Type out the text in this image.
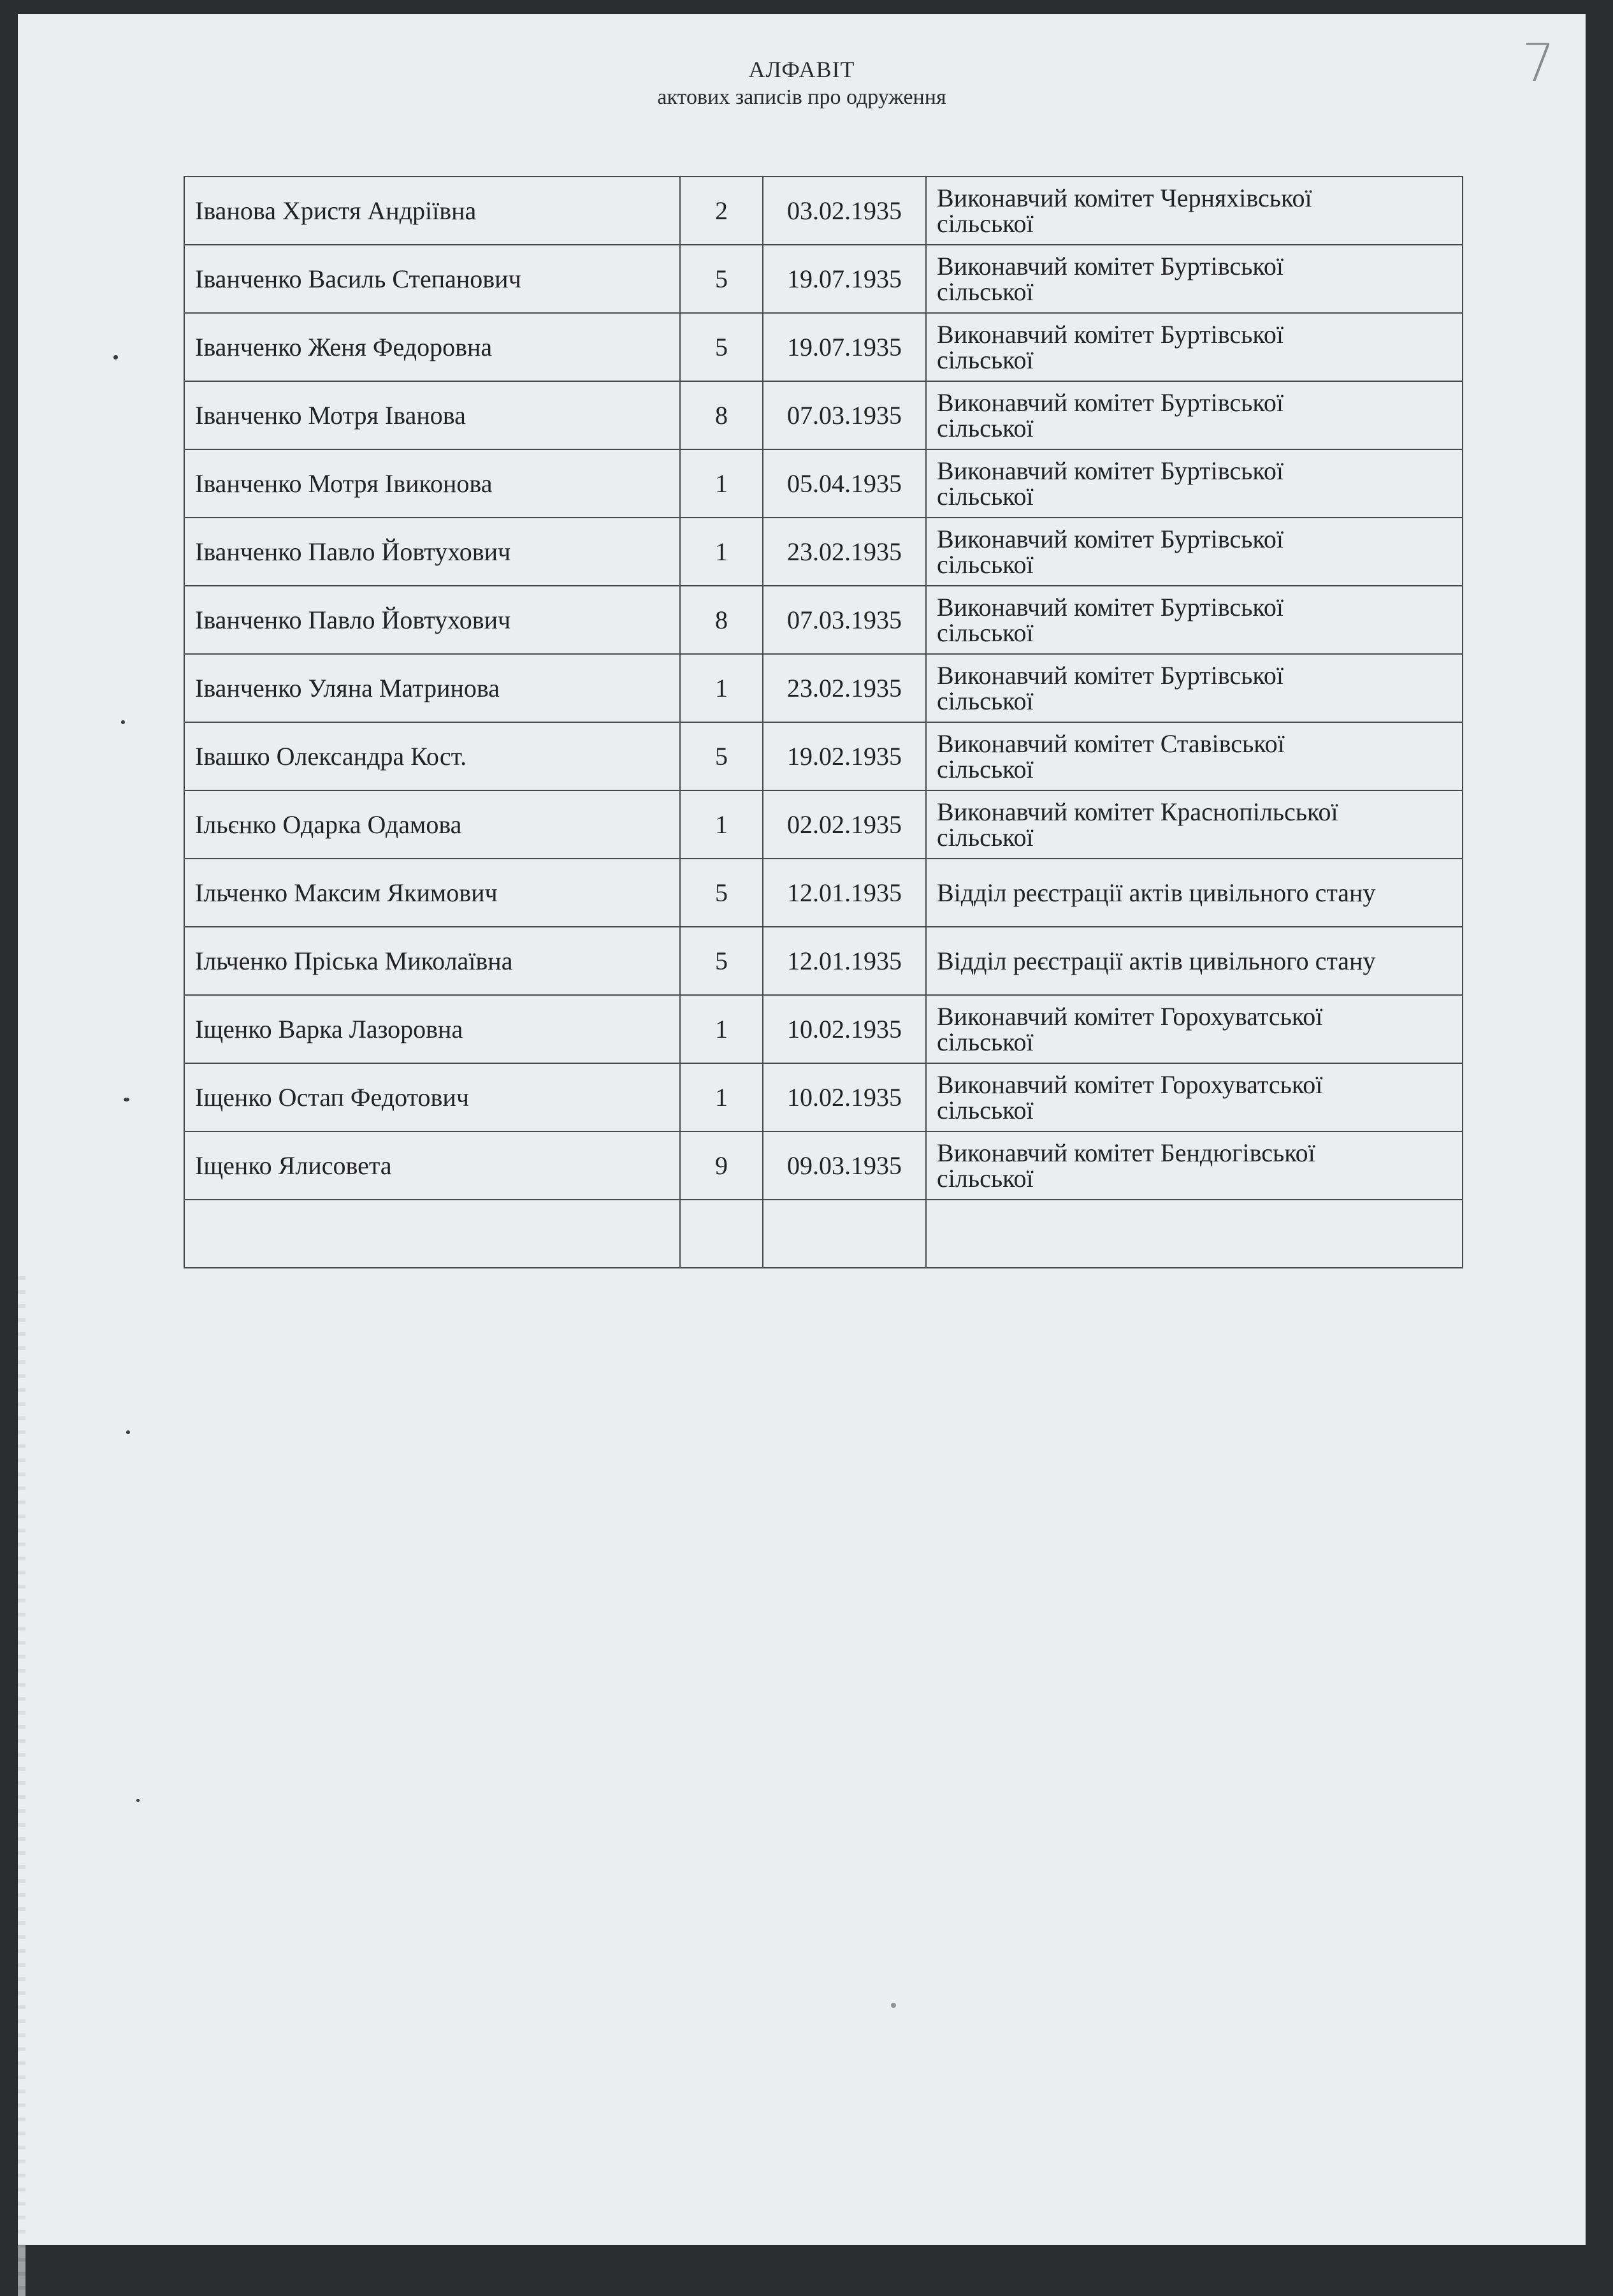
АЛФАВІТ
актових записів про одруження
7
Іванова Христя Андріївна	2	03.02.1935	Виконавчий комітет Черняхівської
сільської
Іванченко Василь Степанович	5	19.07.1935	Виконавчий комітет Буртівської
сільської
Іванченко Женя Федоровна	5	19.07.1935	Виконавчий комітет Буртівської
сільської
Іванченко Мотря Іванова	8	07.03.1935	Виконавчий комітет Буртівської
сільської
Іванченко Мотря Івиконова	1	05.04.1935	Виконавчий комітет Буртівської
сільської
Іванченко Павло Йовтухович	1	23.02.1935	Виконавчий комітет Буртівської
сільської
Іванченко Павло Йовтухович	8	07.03.1935	Виконавчий комітет Буртівської
сільської
Іванченко Уляна Матринова	1	23.02.1935	Виконавчий комітет Буртівської
сільської
Івашко Олександра Кост.	5	19.02.1935	Виконавчий комітет Ставівської
сільської
Ільєнко Одарка Одамова	1	02.02.1935	Виконавчий комітет Краснопільської
сільської
Ільченко Максим Якимович	5	12.01.1935	Відділ реєстрації актів цивільного стану
Ільченко Пріська Миколаївна	5	12.01.1935	Відділ реєстрації актів цивільного стану
Іщенко Варка Лазоровна	1	10.02.1935	Виконавчий комітет Горохуватської
сільської
Іщенко Остап Федотович	1	10.02.1935	Виконавчий комітет Горохуватської
сільської
Іщенко Ялисовета	9	09.03.1935	Виконавчий комітет Бендюгівської
сільської
